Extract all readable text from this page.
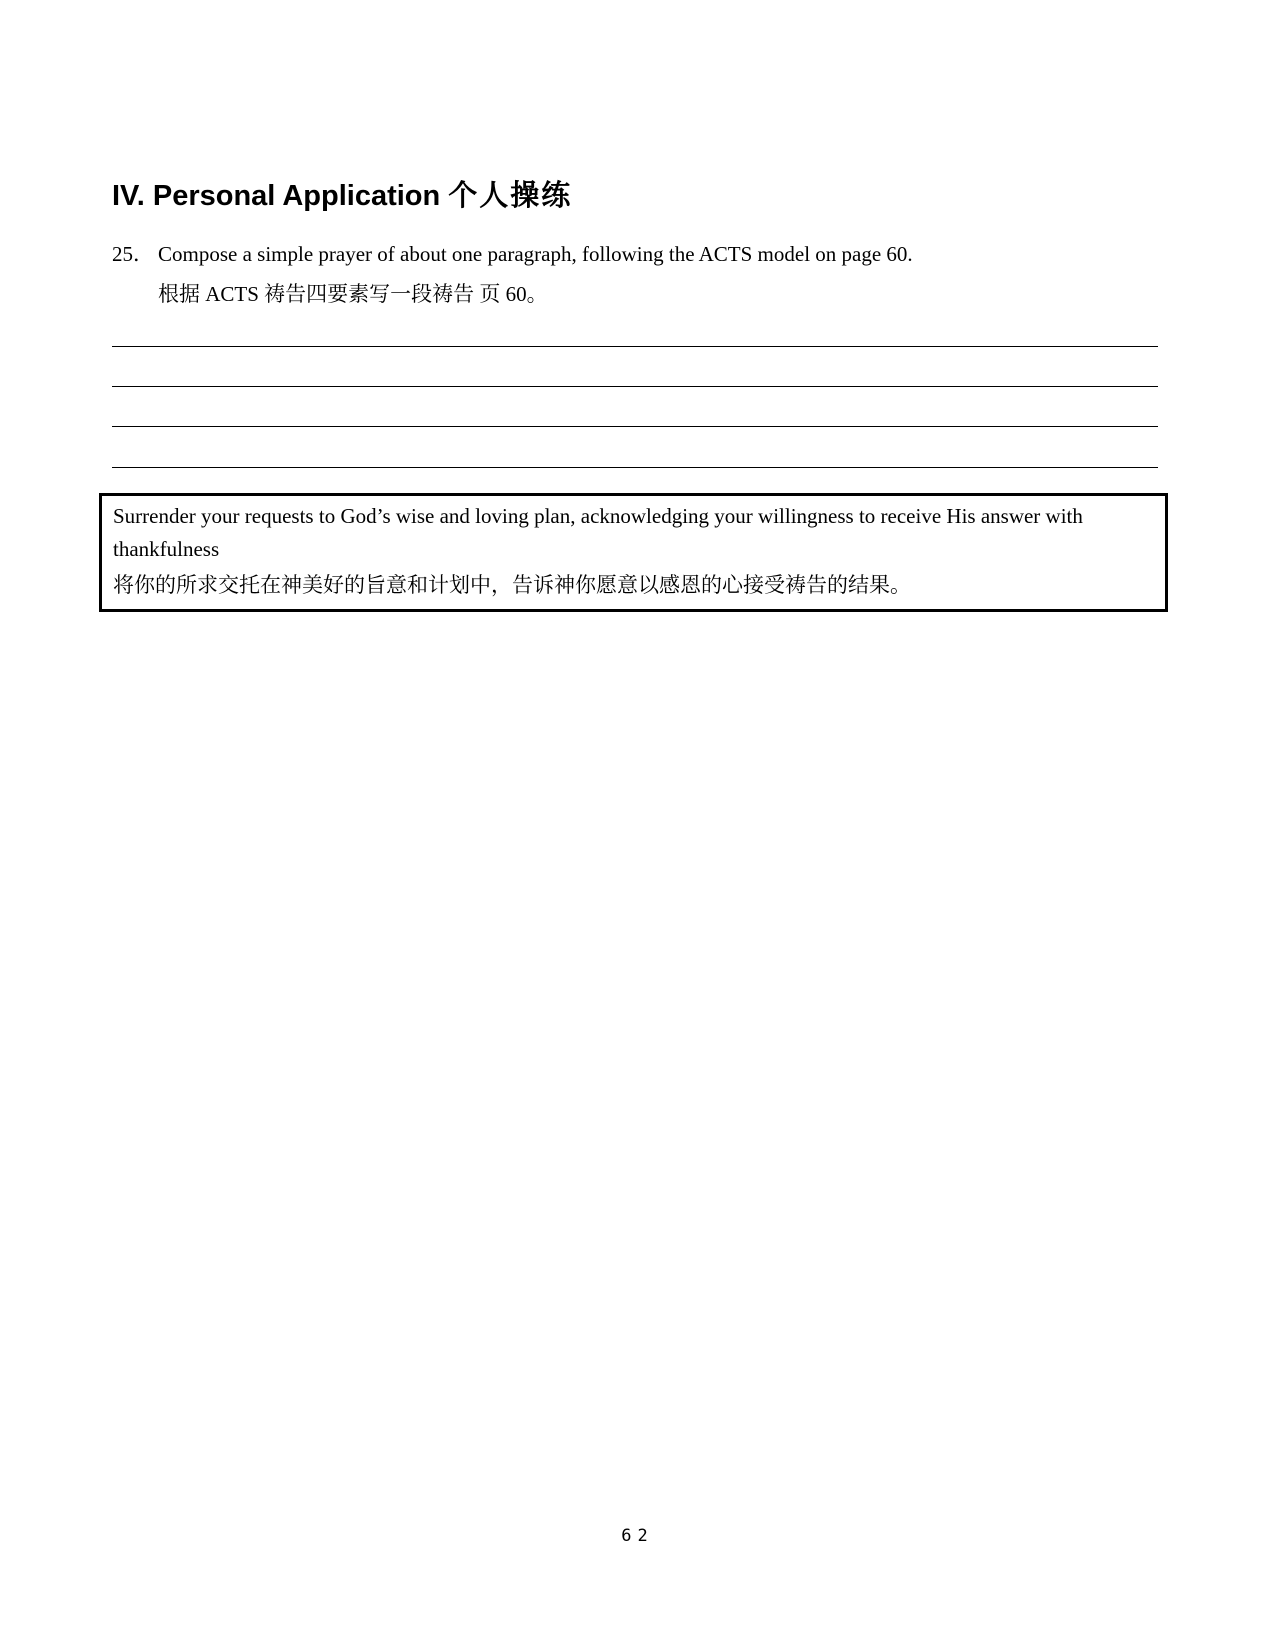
IV. Personal Application 个人操练
25． Compose a simple prayer of about one paragraph, following the ACTS model on page 60.
根据 ACTS 祷告四要素写一段祷告 页 60。
Surrender your requests to God’s wise and loving plan, acknowledging your willingness to receive His answer with thankfulness
将你的所求交托在神美好的旨意和计划中，告诉神你愿意以感恩的心接受祷告的结果。
62
